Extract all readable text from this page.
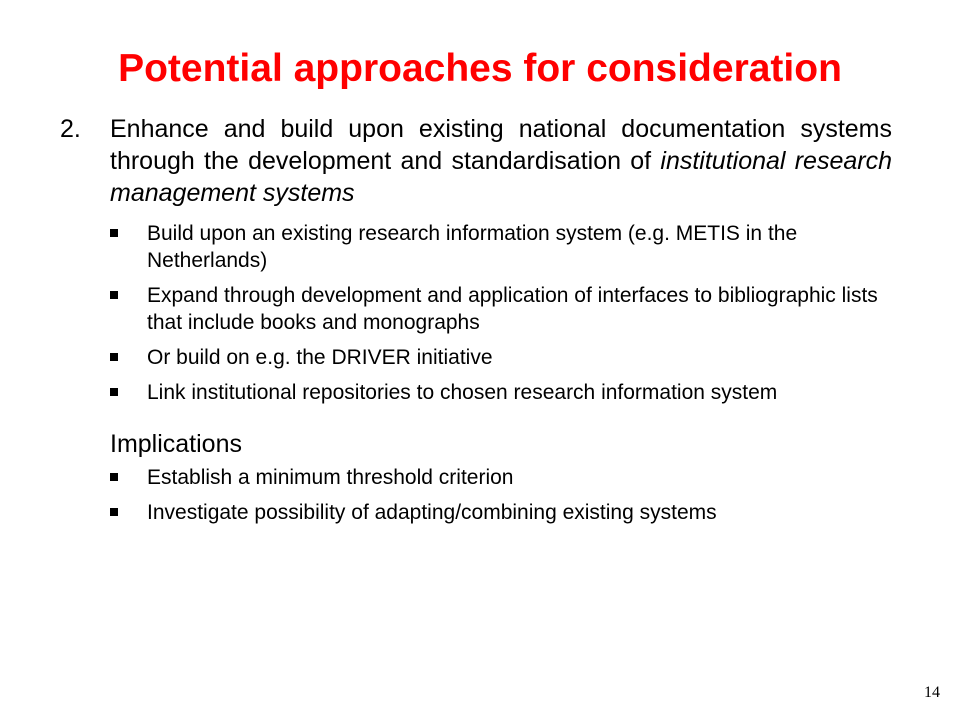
Potential approaches for consideration
2.	Enhance and build upon existing national documentation systems through the development and standardisation of institutional research management systems
Build upon an existing research information system (e.g. METIS in the Netherlands)
Expand through development and application of interfaces to bibliographic lists that include books and monographs
Or build on e.g. the DRIVER initiative
Link institutional repositories to chosen research information system
Implications
Establish a minimum threshold criterion
Investigate possibility of adapting/combining existing systems
14
